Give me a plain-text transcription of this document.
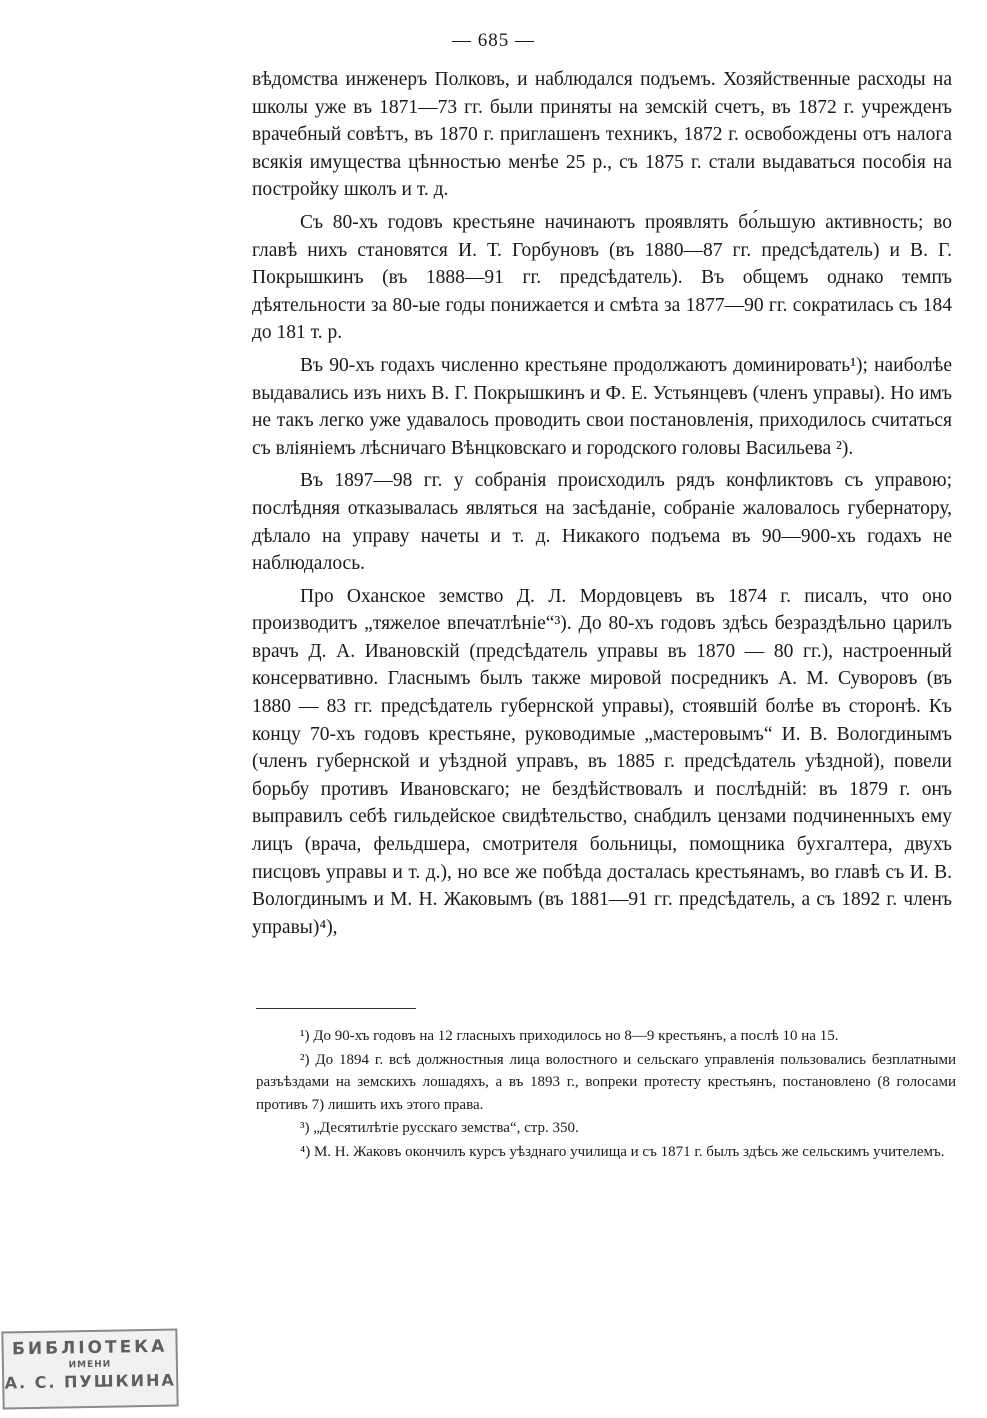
— 685 —

вѣдомства инженеръ Полковъ, и наблюдался подъемъ. Хозяйственные расходы на школы уже въ 1871—73 гг. были приняты на земскій счетъ, въ 1872 г. учрежденъ врачебный совѣтъ, въ 1870 г. приглашенъ техникъ, 1872 г. освобождены отъ налога всякія имущества цѣнностью менѣе 25 р., съ 1875 г. стали выдаваться пособія на постройку школъ и т. д.

Съ 80-хъ годовъ крестьяне начинаютъ проявлять бо́льшую активность; во главѣ нихъ становятся И. Т. Горбуновъ (въ 1880—87 гг. предсѣдатель) и В. Г. Покрышкинъ (въ 1888—91 гг. предсѣдатель). Въ общемъ однако темпъ дѣятельности за 80-ые годы понижается и смѣта за 1877—90 гг. сократилась съ 184 до 181 т. р.

Въ 90-хъ годахъ численно крестьяне продолжаютъ доминировать¹); наиболѣе выдавались изъ нихъ В. Г. Покрышкинъ и Ф. Е. Устьянцевъ (членъ управы). Но имъ не такъ легко уже удавалось проводить свои постановленія, приходилось считаться съ вліяніемъ лѣсничаго Вѣнцковскаго и городского головы Васильева ²).

Въ 1897—98 гг. у собранія происходилъ рядъ конфликтовъ съ управою; послѣдняя отказывалась являться на засѣданіе, собраніе жаловалось губернатору, дѣлало на управу начеты и т. д. Никакого подъема въ 90—900-хъ годахъ не наблюдалось.

Про Оханское земство Д. Л. Мордовцевъ въ 1874 г. писалъ, что оно производитъ „тяжелое впечатлѣніе“³). До 80-хъ годовъ здѣсь безраздѣльно царилъ врачъ Д. А. Ивановскій (предсѣдатель управы въ 1870 — 80 гг.), настроенный консервативно. Гласнымъ былъ также мировой посредникъ А. М. Суворовъ (въ 1880 — 83 гг. предсѣдатель губернской управы), стоявшій болѣе въ сторонѣ. Къ концу 70-хъ годовъ крестьяне, руководимые „мастеровымъ“ И. В. Вологдинымъ (членъ губернской и уѣздной управъ, въ 1885 г. предсѣдатель уѣздной), повели борьбу противъ Ивановскаго; не бездѣйствовалъ и послѣдній: въ 1879 г. онъ выправилъ себѣ гильдейское свидѣтельство, снабдилъ цензами подчиненныхъ ему лицъ (врача, фельдшера, смотрителя больницы, помощника бухгалтера, двухъ писцовъ управы и т. д.), но все же побѣда досталась крестьянамъ, во главѣ съ И. В. Вологдинымъ и М. Н. Жаковымъ (въ 1881—91 гг. предсѣдатель, а съ 1892 г. членъ управы)⁴),

¹) До 90-хъ годовъ на 12 гласныхъ приходилось но 8—9 крестьянъ, а послѣ 10 на 15.

²) До 1894 г. всѣ должностныя лица волостного и сельскаго управленія пользовались безплатными разъѣздами на земскихъ лошадяхъ, а въ 1893 г., вопреки протесту крестьянъ, постановлено (8 голосами противъ 7) лишить ихъ этого права.

³) „Десятилѣтіе русскаго земства“, стр. 350.

⁴) М. Н. Жаковъ окончилъ курсъ уѣзднаго училища и съ 1871 г. былъ здѣсь же сельскимъ учителемъ.

БИБЛІОТЕКА
ИМЕНИ
А. С. ПУШКИНА
